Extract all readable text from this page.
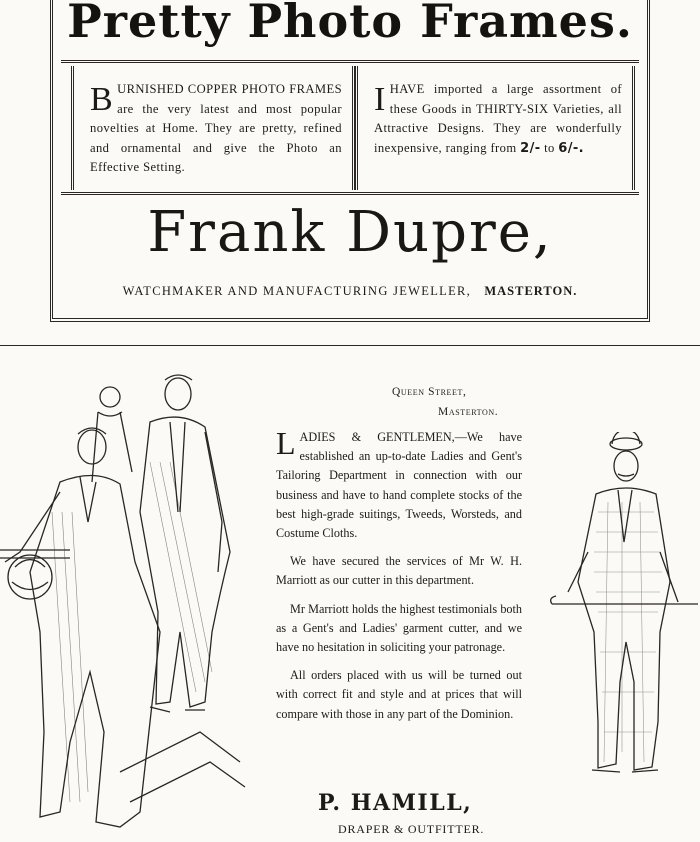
Pretty Photo Frames.
BURNISHED COPPER PHOTO FRAMES are the very latest and most popular novelties at Home. They are pretty, refined and ornamental and give the Photo an Effective Setting.
IHAVE imported a large assortment of these Goods in THIRTY-SIX Varieties, all Attractive Designs. They are wonderfully inexpensive, ranging from 2/- to 6/-.
Frank Dupre,
WATCHMAKER AND MANUFACTURING JEWELLER, MASTERTON.
Queen Street,
Masterton.

LADIES & GENTLEMEN,—We have established an up-to-date Ladies and Gent's Tailoring Department in connection with our business and have to hand complete stocks of the best high-grade suitings, Tweeds, Worsteds, and Costume Cloths.

We have secured the services of Mr W. H. Marriott as our cutter in this department.

Mr Marriott holds the highest testimonials both as a Gent's and Ladies' garment cutter, and we have no hesitation in soliciting your patronage.

All orders placed with us will be turned out with correct fit and style and at prices that will compare with those in any part of the Dominion.

P. HAMILL,
DRAPER & OUTFITTER.
